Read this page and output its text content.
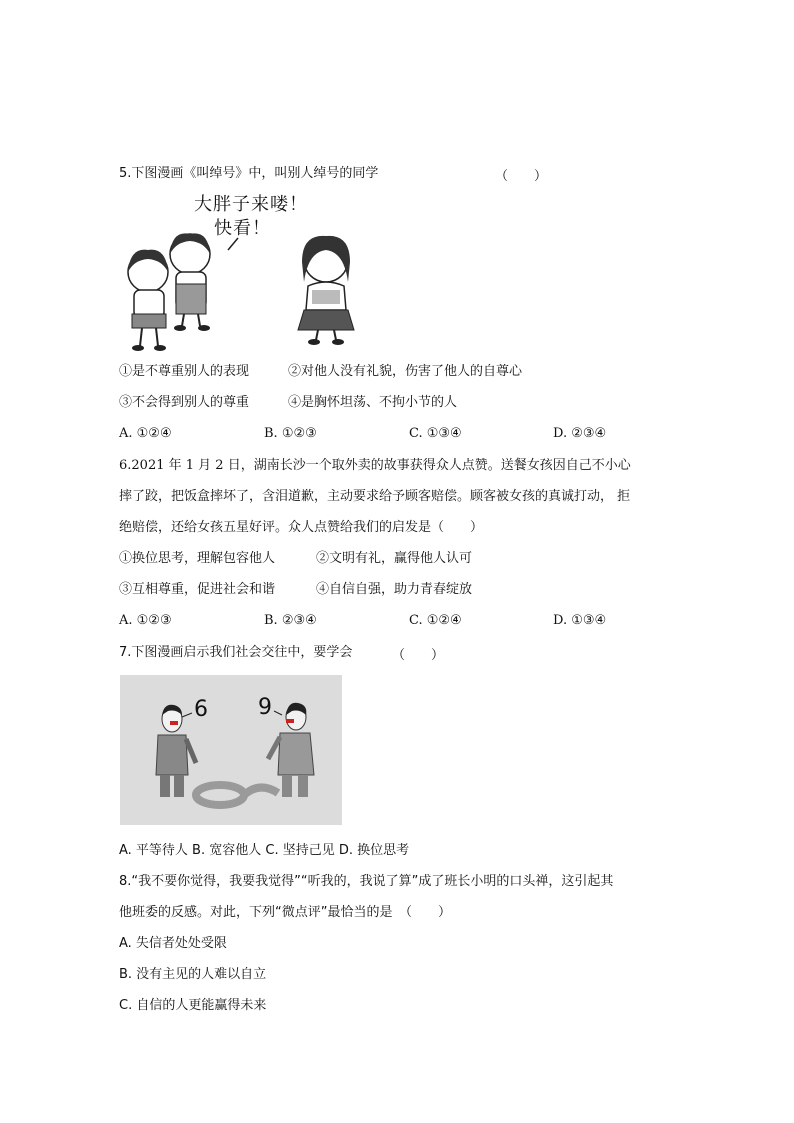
5.下图漫画《叫绰号》中，叫别人绰号的同学	（　　）
大胖子来喽！
快看！
①是不尊重别人的表现	②对他人没有礼貌，伤害了他人的自尊心
③不会得到别人的尊重	④是胸怀坦荡、不拘小节的人
A. ①②④	B. ①②③	C. ①③④	D. ②③④
6.2021 年 1 月 2 日，湖南长沙一个取外卖的故事获得众人点赞。送餐女孩因自己不小心
摔了跤，把饭盒摔坏了，含泪道歉，主动要求给予顾客赔偿。顾客被女孩的真诚打动， 拒
绝赔偿，还给女孩五星好评。众人点赞给我们的启发是（　　）
①换位思考，理解包容他人	②文明有礼，赢得他人认可
③互相尊重，促进社会和谐	④自信自强，助力青春绽放
A. ①②③	B. ②③④	C. ①②④	D. ①③④
7.下图漫画启示我们社会交往中，要学会	（　　）
6 9
A. 平等待人 B. 宽容他人 C. 坚持己见 D. 换位思考
8.“我不要你觉得，我要我觉得”“听我的，我说了算”成了班长小明的口头禅，这引起其
他班委的反感。对此，下列“微点评”最恰当的是　（　　）
A. 失信者处处受限
B. 没有主见的人难以自立
C. 自信的人更能赢得未来
